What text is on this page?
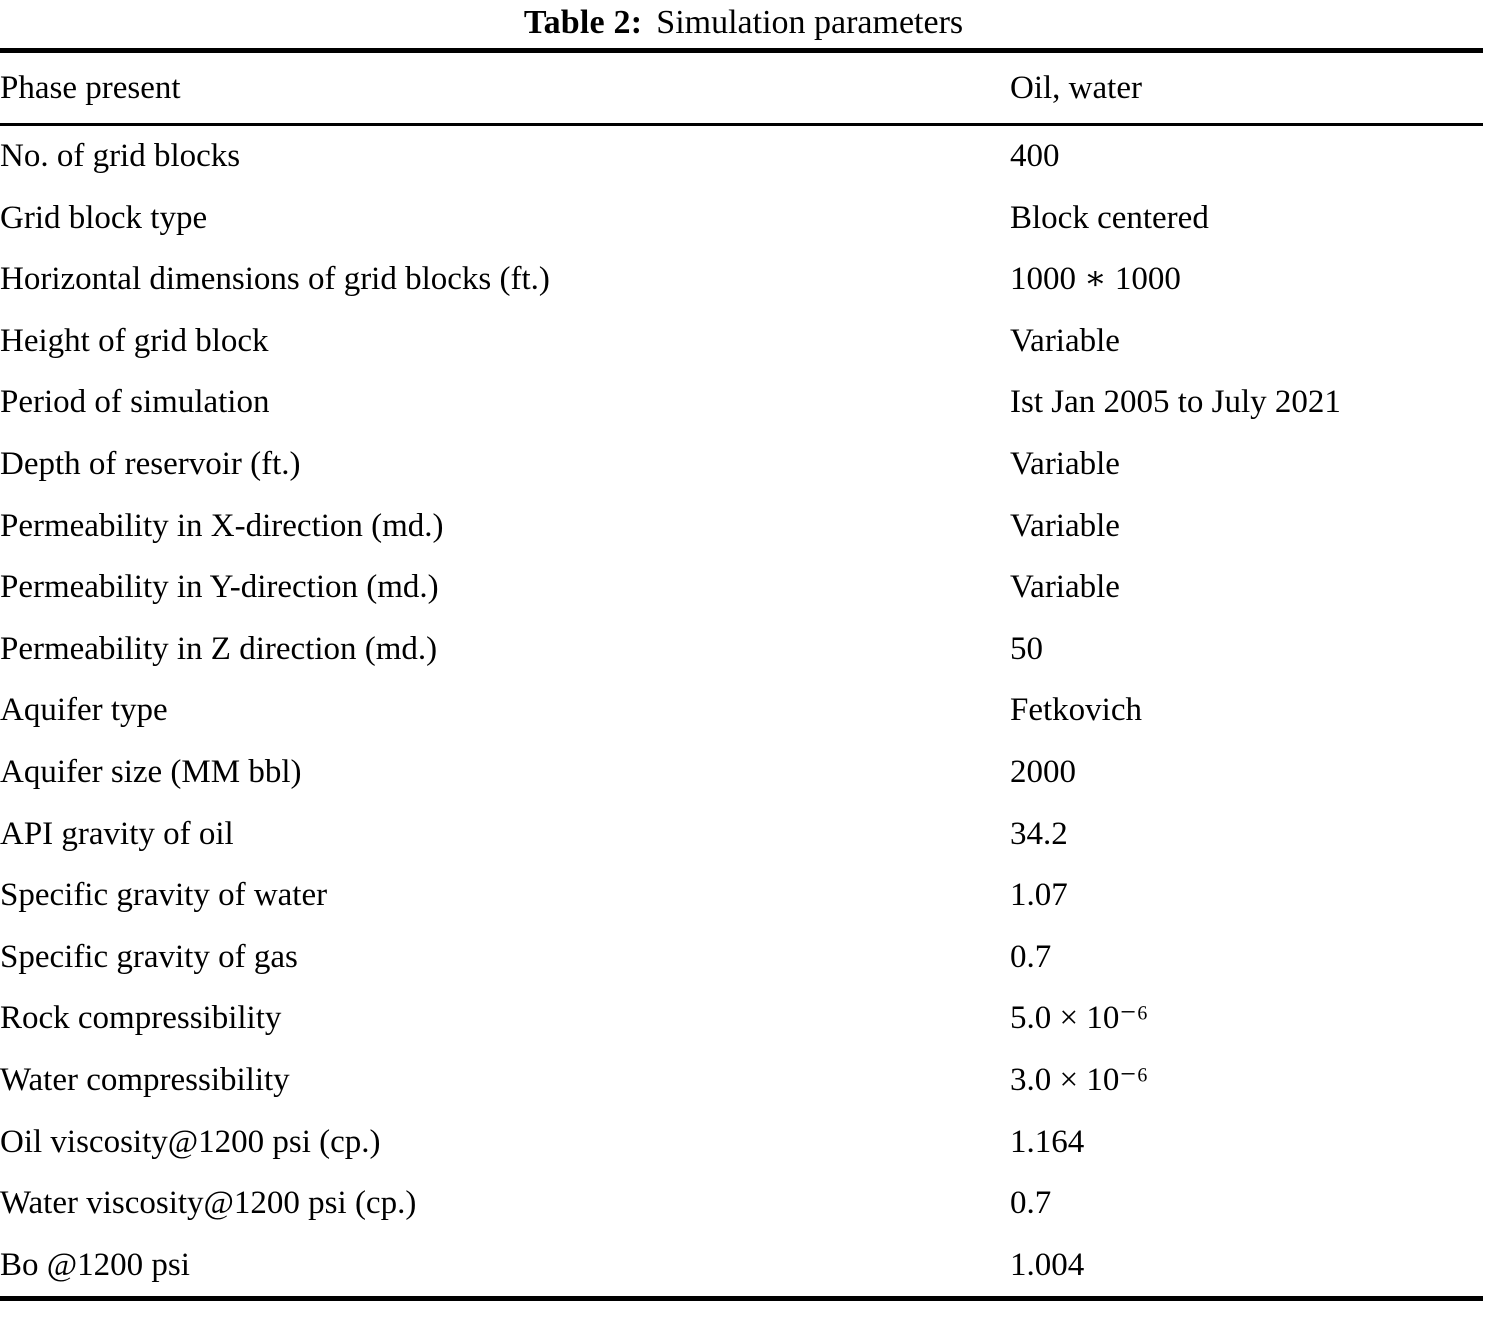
Table 2: Simulation parameters
Phase present	Oil, water
No. of grid blocks	400
Grid block type	Block centered
Horizontal dimensions of grid blocks (ft.)	1000 ∗ 1000
Height of grid block	Variable
Period of simulation	Ist Jan 2005 to July 2021
Depth of reservoir (ft.)	Variable
Permeability in X-direction (md.)	Variable
Permeability in Y-direction (md.)	Variable
Permeability in Z direction (md.)	50
Aquifer type	Fetkovich
Aquifer size (MM bbl)	2000
API gravity of oil	34.2
Specific gravity of water	1.07
Specific gravity of gas	0.7
Rock compressibility	5.0 × 10⁻⁶
Water compressibility	3.0 × 10⁻⁶
Oil viscosity@1200 psi (cp.)	1.164
Water viscosity@1200 psi (cp.)	0.7
Bo @1200 psi	1.004
